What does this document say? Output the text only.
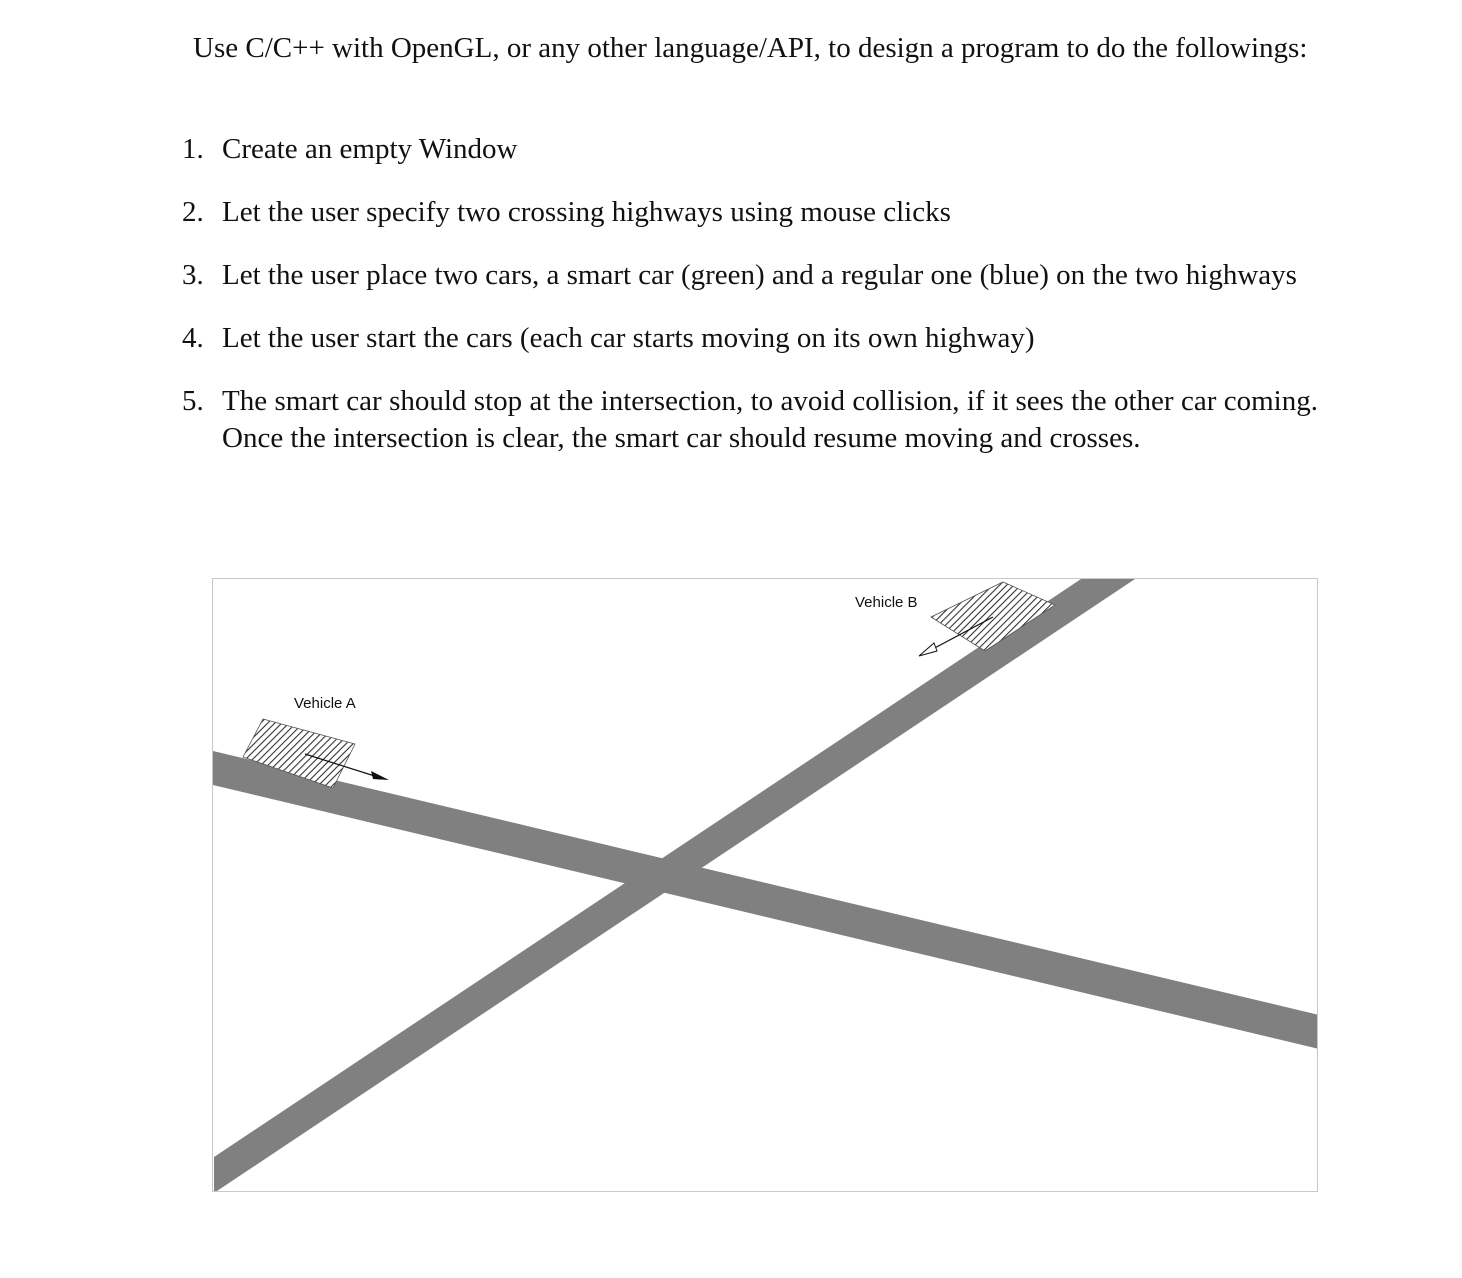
Use C/C++ with OpenGL, or any other language/API, to design a program to do the followings:

1. Create an empty Window
2. Let the user specify two crossing highways using mouse clicks
3. Let the user place two cars, a smart car (green) and a regular one (blue) on the two highways
4. Let the user start the cars (each car starts moving on its own highway)
5. The smart car should stop at the intersection, to avoid collision, if it sees the other car coming. Once the intersection is clear, the smart car should resume moving and crosses.
Vehicle A
Vehicle B
